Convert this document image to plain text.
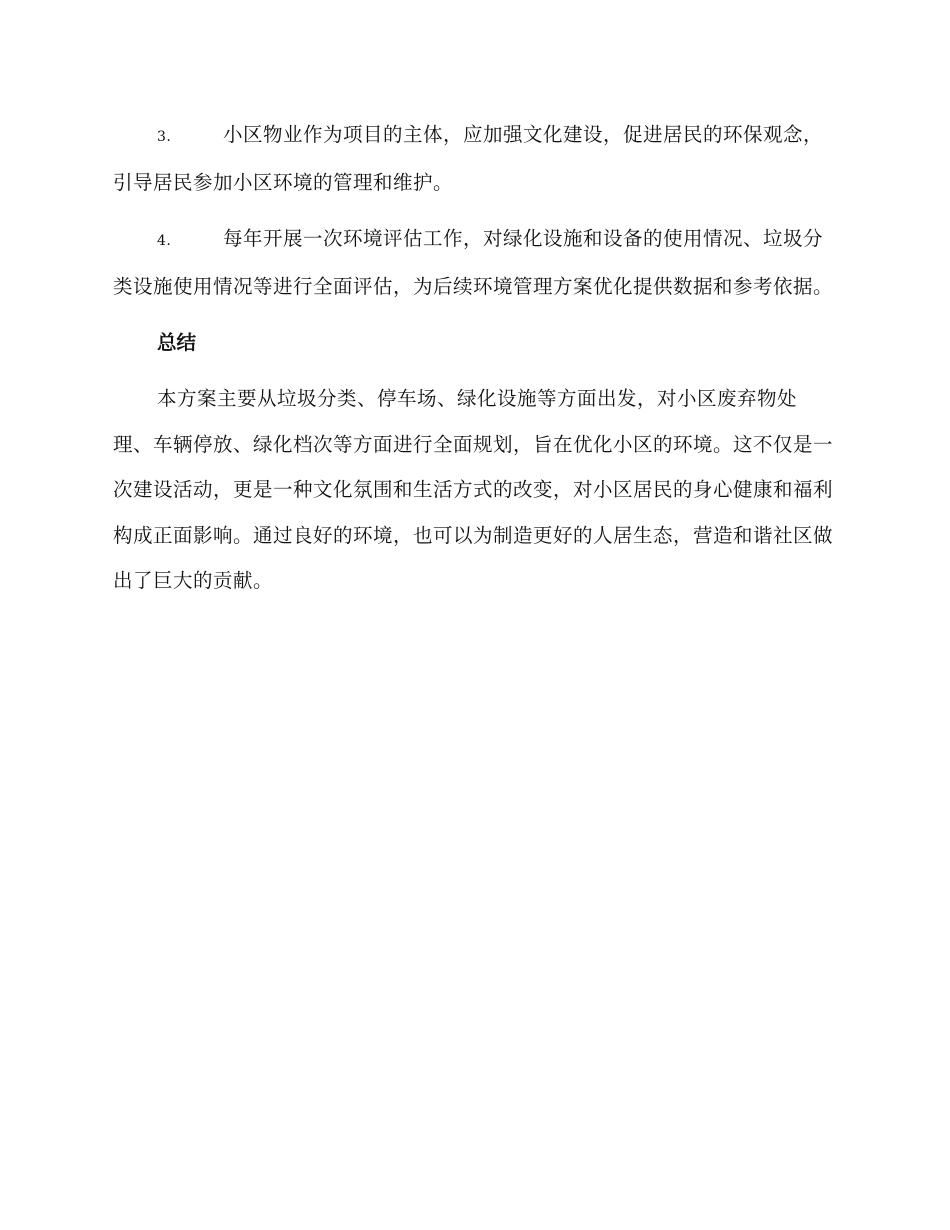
3.	小区物业作为项目的主体，应加强文化建设，促进居民的环保观念，引导居民参加小区环境的管理和维护。

4.	每年开展一次环境评估工作，对绿化设施和设备的使用情况、垃圾分类设施使用情况等进行全面评估，为后续环境管理方案优化提供数据和参考依据。

总结

本方案主要从垃圾分类、停车场、绿化设施等方面出发，对小区废弃物处理、车辆停放、绿化档次等方面进行全面规划，旨在优化小区的环境。这不仅是一次建设活动，更是一种文化氛围和生活方式的改变，对小区居民的身心健康和福利构成正面影响。通过良好的环境，也可以为制造更好的人居生态，营造和谐社区做出了巨大的贡献。
